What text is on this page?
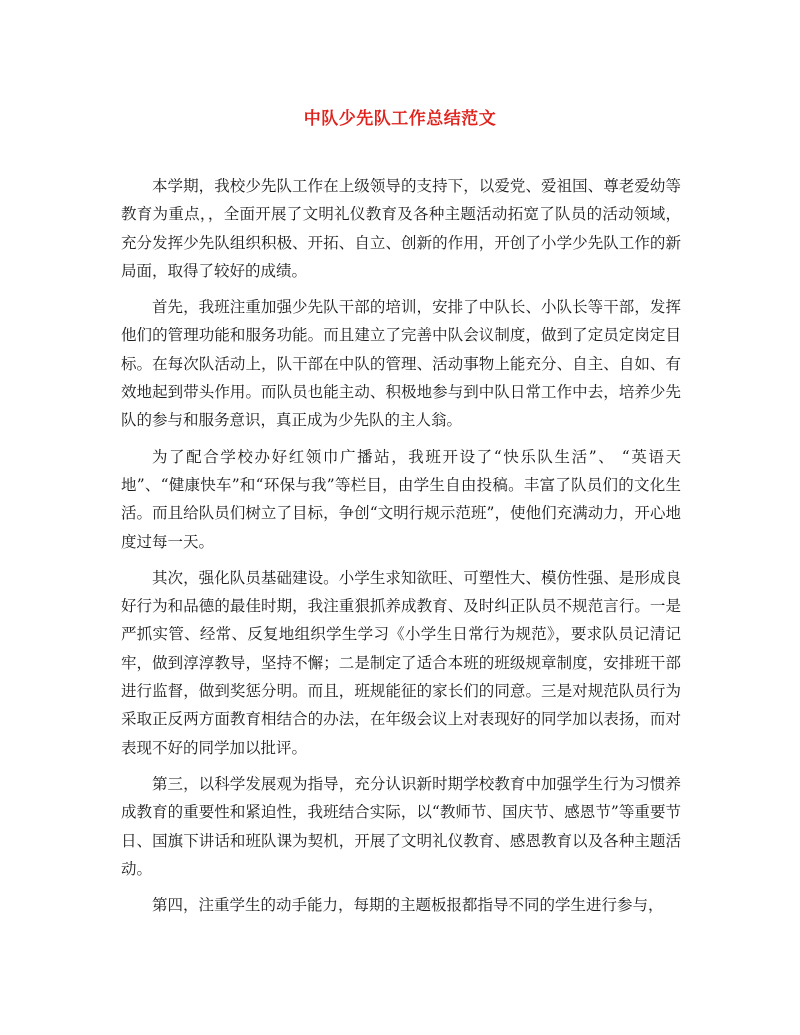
中队少先队工作总结范文

本学期，我校少先队工作在上级领导的支持下，以爱党、爱祖国、尊老爱幼等教育为重点，，全面开展了文明礼仪教育及各种主题活动拓宽了队员的活动领域，充分发挥少先队组织积极、开拓、自立、创新的作用，开创了小学少先队工作的新局面，取得了较好的成绩。

首先，我班注重加强少先队干部的培训，安排了中队长、小队长等干部，发挥他们的管理功能和服务功能。而且建立了完善中队会议制度，做到了定员定岗定目标。在每次队活动上，队干部在中队的管理、活动事物上能充分、自主、自如、有效地起到带头作用。而队员也能主动、积极地参与到中队日常工作中去，培养少先队的参与和服务意识，真正成为少先队的主人翁。

为了配合学校办好红领巾广播站，我班开设了“快乐队生活”、 “英语天地”、“健康快车”和“环保与我”等栏目，由学生自由投稿。丰富了队员们的文化生活。而且给队员们树立了目标，争创“文明行规示范班”，使他们充满动力，开心地度过每一天。

其次，强化队员基础建设。小学生求知欲旺、可塑性大、模仿性强、是形成良好行为和品德的最佳时期，我注重狠抓养成教育、及时纠正队员不规范言行。一是严抓实管、经常、反复地组织学生学习《小学生日常行为规范》，要求队员记清记牢，做到淳淳教导，坚持不懈；二是制定了适合本班的班级规章制度，安排班干部进行监督，做到奖惩分明。而且，班规能征的家长们的同意。三是对规范队员行为采取正反两方面教育相结合的办法，在年级会议上对表现好的同学加以表扬，而对表现不好的同学加以批评。

第三，以科学发展观为指导，充分认识新时期学校教育中加强学生行为习惯养成教育的重要性和紧迫性，我班结合实际，以“教师节、国庆节、感恩节”等重要节日、国旗下讲话和班队课为契机，开展了文明礼仪教育、感恩教育以及各种主题活动。

第四，注重学生的动手能力，每期的主题板报都指导不同的学生进行参与，
